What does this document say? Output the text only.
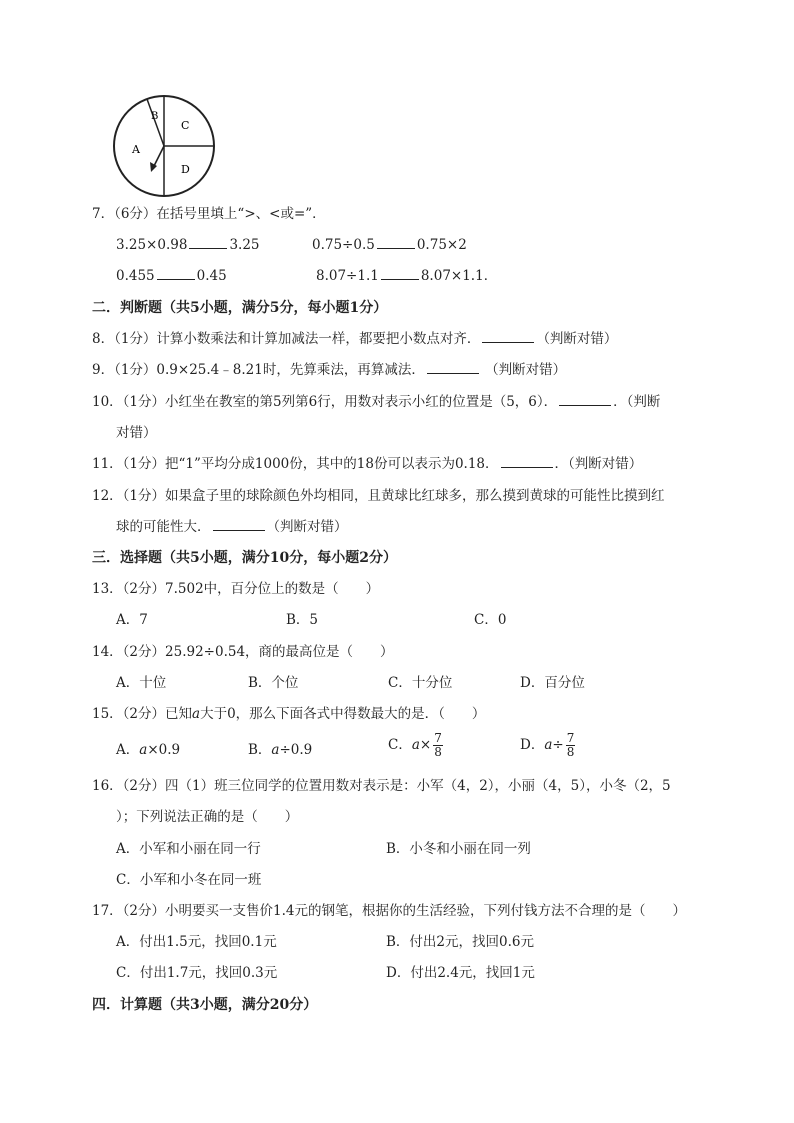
A
B
C
D
7．（6分）在括号里填上“>、<或=”．
3.25×0.98	3.25	0.75÷0.5	0.75×2
0.455	0.45	8.07÷1.1	8.07×1.1．
二．判断题（共5小题，满分5分，每小题1分）
8．（1分）计算小数乘法和计算加减法一样，都要把小数点对齐．	（判断对错）
9．（1分）0.9×25.4﹣8.21时，先算乘法，再算减法．	（判断对错）
10．（1分）小红坐在教室的第5列第6行，用数对表示小红的位置是（5，6）．	．（判断
对错）
11．（1分）把“1”平均分成1000份，其中的18份可以表示为0.18．	．（判断对错）
12．（1分）如果盒子里的球除颜色外均相同，且黄球比红球多，那么摸到黄球的可能性比摸到红
球的可能性大．	（判断对错）
三．选择题（共5小题，满分10分，每小题2分）
13．（2分）7.502中，百分位上的数是（　　）
A．7	B．5	C．0
14．（2分）25.92÷0.54，商的最高位是（　　）
A．十位	B．个位	C．十分位	D．百分位
15．（2分）已知a大于0，那么下面各式中得数最大的是．（　　）
A．a×0.9	B．a÷0.9	C．$a\times \frac{7}{8}$	D．$a\div \frac{7}{8}$
16．（2分）四（1）班三位同学的位置用数对表示是：小军（4，2），小丽（4，5），小冬（2，5
）；下列说法正确的是（　　）
A．小军和小丽在同一行	B．小冬和小丽在同一列
C．小军和小冬在同一班
17．（2分）小明要买一支售价1.4元的钢笔，根据你的生活经验，下列付钱方法不合理的是（　　）
A．付出1.5元，找回0.1元	B．付出2元，找回0.6元
C．付出1.7元，找回0.3元	D．付出2.4元，找回1元
四．计算题（共3小题，满分20分）
